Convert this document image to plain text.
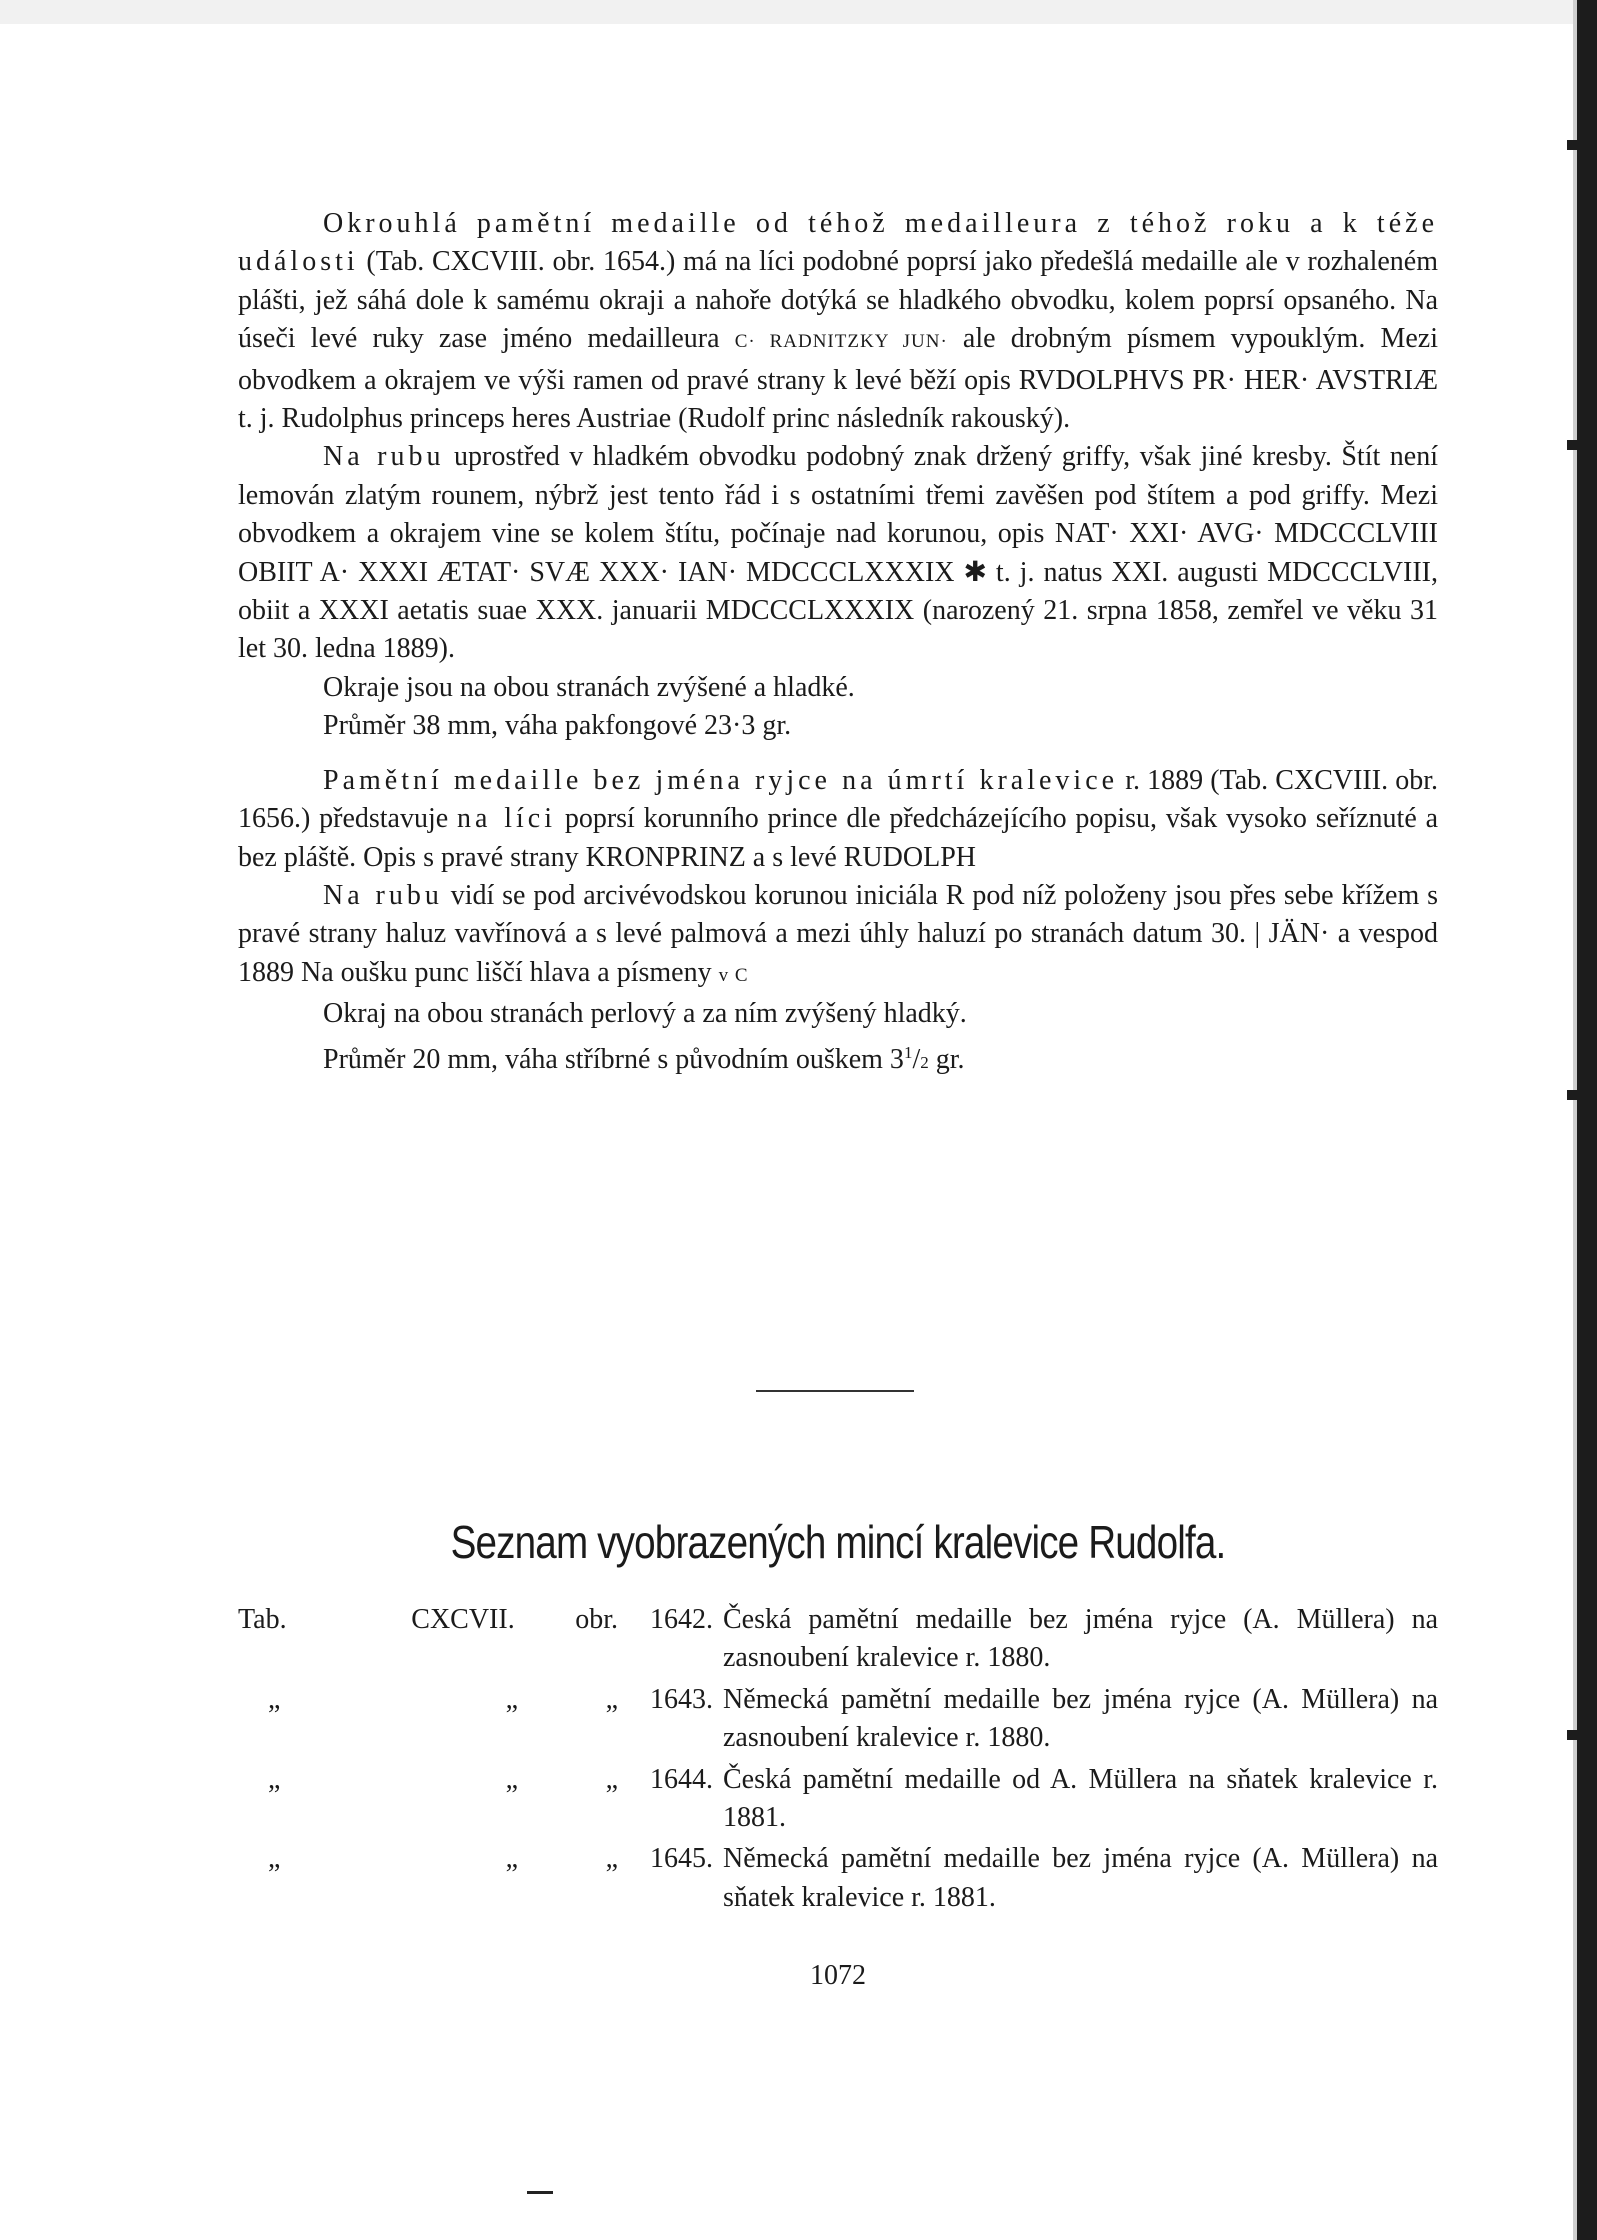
Okrouhlá pamětní medaille od téhož medailleura z téhož roku a k téže události (Tab. CXCVIII. obr. 1654.) má na líci podobné poprsí jako předešlá medaille ale v rozhaleném plášti, jež sáhá dole k samému okraji a nahoře dotýká se hladkého obvodku, kolem poprsí opsaného. Na úseči levé ruky zase jméno medailleura C· RADNITZKY JUN· ale drobným písmem vypouklým. Mezi obvodkem a okrajem ve výši ramen od pravé strany k levé běží opis RVDOLPHVS PR· HER· AVSTRIÆ t. j. Rudolphus princeps heres Austriae (Rudolf princ následník rakouský).

Na rubu uprostřed v hladkém obvodku podobný znak držený griffy, však jiné kresby. Štít není lemován zlatým rounem, nýbrž jest tento řád i s ostatními třemi zavěšen pod štítem a pod griffy. Mezi obvodkem a okrajem vine se kolem štítu, počínaje nad korunou, opis NAT· XXI· AVG· MDCCCLVIII OBIIT A· XXXI ÆTAT· SVÆ XXX· IAN· MDCCCLXXXIX ✱ t. j. natus XXI. augusti MDCCCLVIII, obiit a XXXI aetatis suae XXX. januarii MDCCCLXXXIX (narozený 21. srpna 1858, zemřel ve věku 31 let 30. ledna 1889).

Okraje jsou na obou stranách zvýšené a hladké.

Průměr 38 mm, váha pakfongové 23·3 gr.

Pamětní medaille bez jména ryjce na úmrtí kralevice r. 1889 (Tab. CXCVIII. obr. 1656.) představuje na líci poprsí korunního prince dle předcházejícího popisu, však vysoko seříznuté a bez pláště. Opis s pravé strany KRONPRINZ a s levé RUDOLPH

Na rubu vidí se pod arcivévodskou korunou iniciála R pod níž položeny jsou přes sebe křížem s pravé strany haluz vavřínová a s levé palmová a mezi úhly haluzí po stranách datum 30. | JÄN· a vespod 1889 Na oušku punc liščí hlava a písmeny v C

Okraj na obou stranách perlový a za ním zvýšený hladký.

Průměr 20 mm, váha stříbrné s původním ouškem $3^1/2$ gr.

Seznam vyobrazených mincí kralevice Rudolfa.
Tab.	CXCVII.	obr.	1642. Česká pamětní medaille bez jména ryjce (A. Müllera) na zasnoubení kralevice r. 1880.
„	„	„	1643. Německá pamětní medaille bez jména ryjce (A. Müllera) na zasnoubení kralevice r. 1880.
„	„	„	1644. Česká pamětní medaille od A. Müllera na sňatek kralevice r. 1881.
„	„	„	1645. Německá pamětní medaille bez jména ryjce (A. Müllera) na sňatek kralevice r. 1881.
1072
